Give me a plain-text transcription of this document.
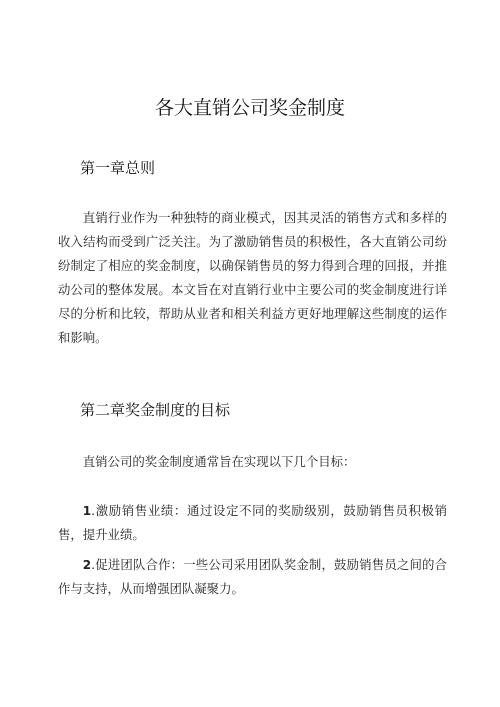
各大直销公司奖金制度
第一章总则

直销行业作为一种独特的商业模式，因其灵活的销售方式和多样的收入结构而受到广泛关注。为了激励销售员的积极性，各大直销公司纷纷制定了相应的奖金制度，以确保销售员的努力得到合理的回报，并推动公司的整体发展。本文旨在对直销行业中主要公司的奖金制度进行详尽的分析和比较，帮助从业者和相关利益方更好地理解这些制度的运作和影响。

第二章奖金制度的目标

直销公司的奖金制度通常旨在实现以下几个目标：

1.激励销售业绩：通过设定不同的奖励级别，鼓励销售员积极销售，提升业绩。

2.促进团队合作：一些公司采用团队奖金制，鼓励销售员之间的合作与支持，从而增强团队凝聚力。
